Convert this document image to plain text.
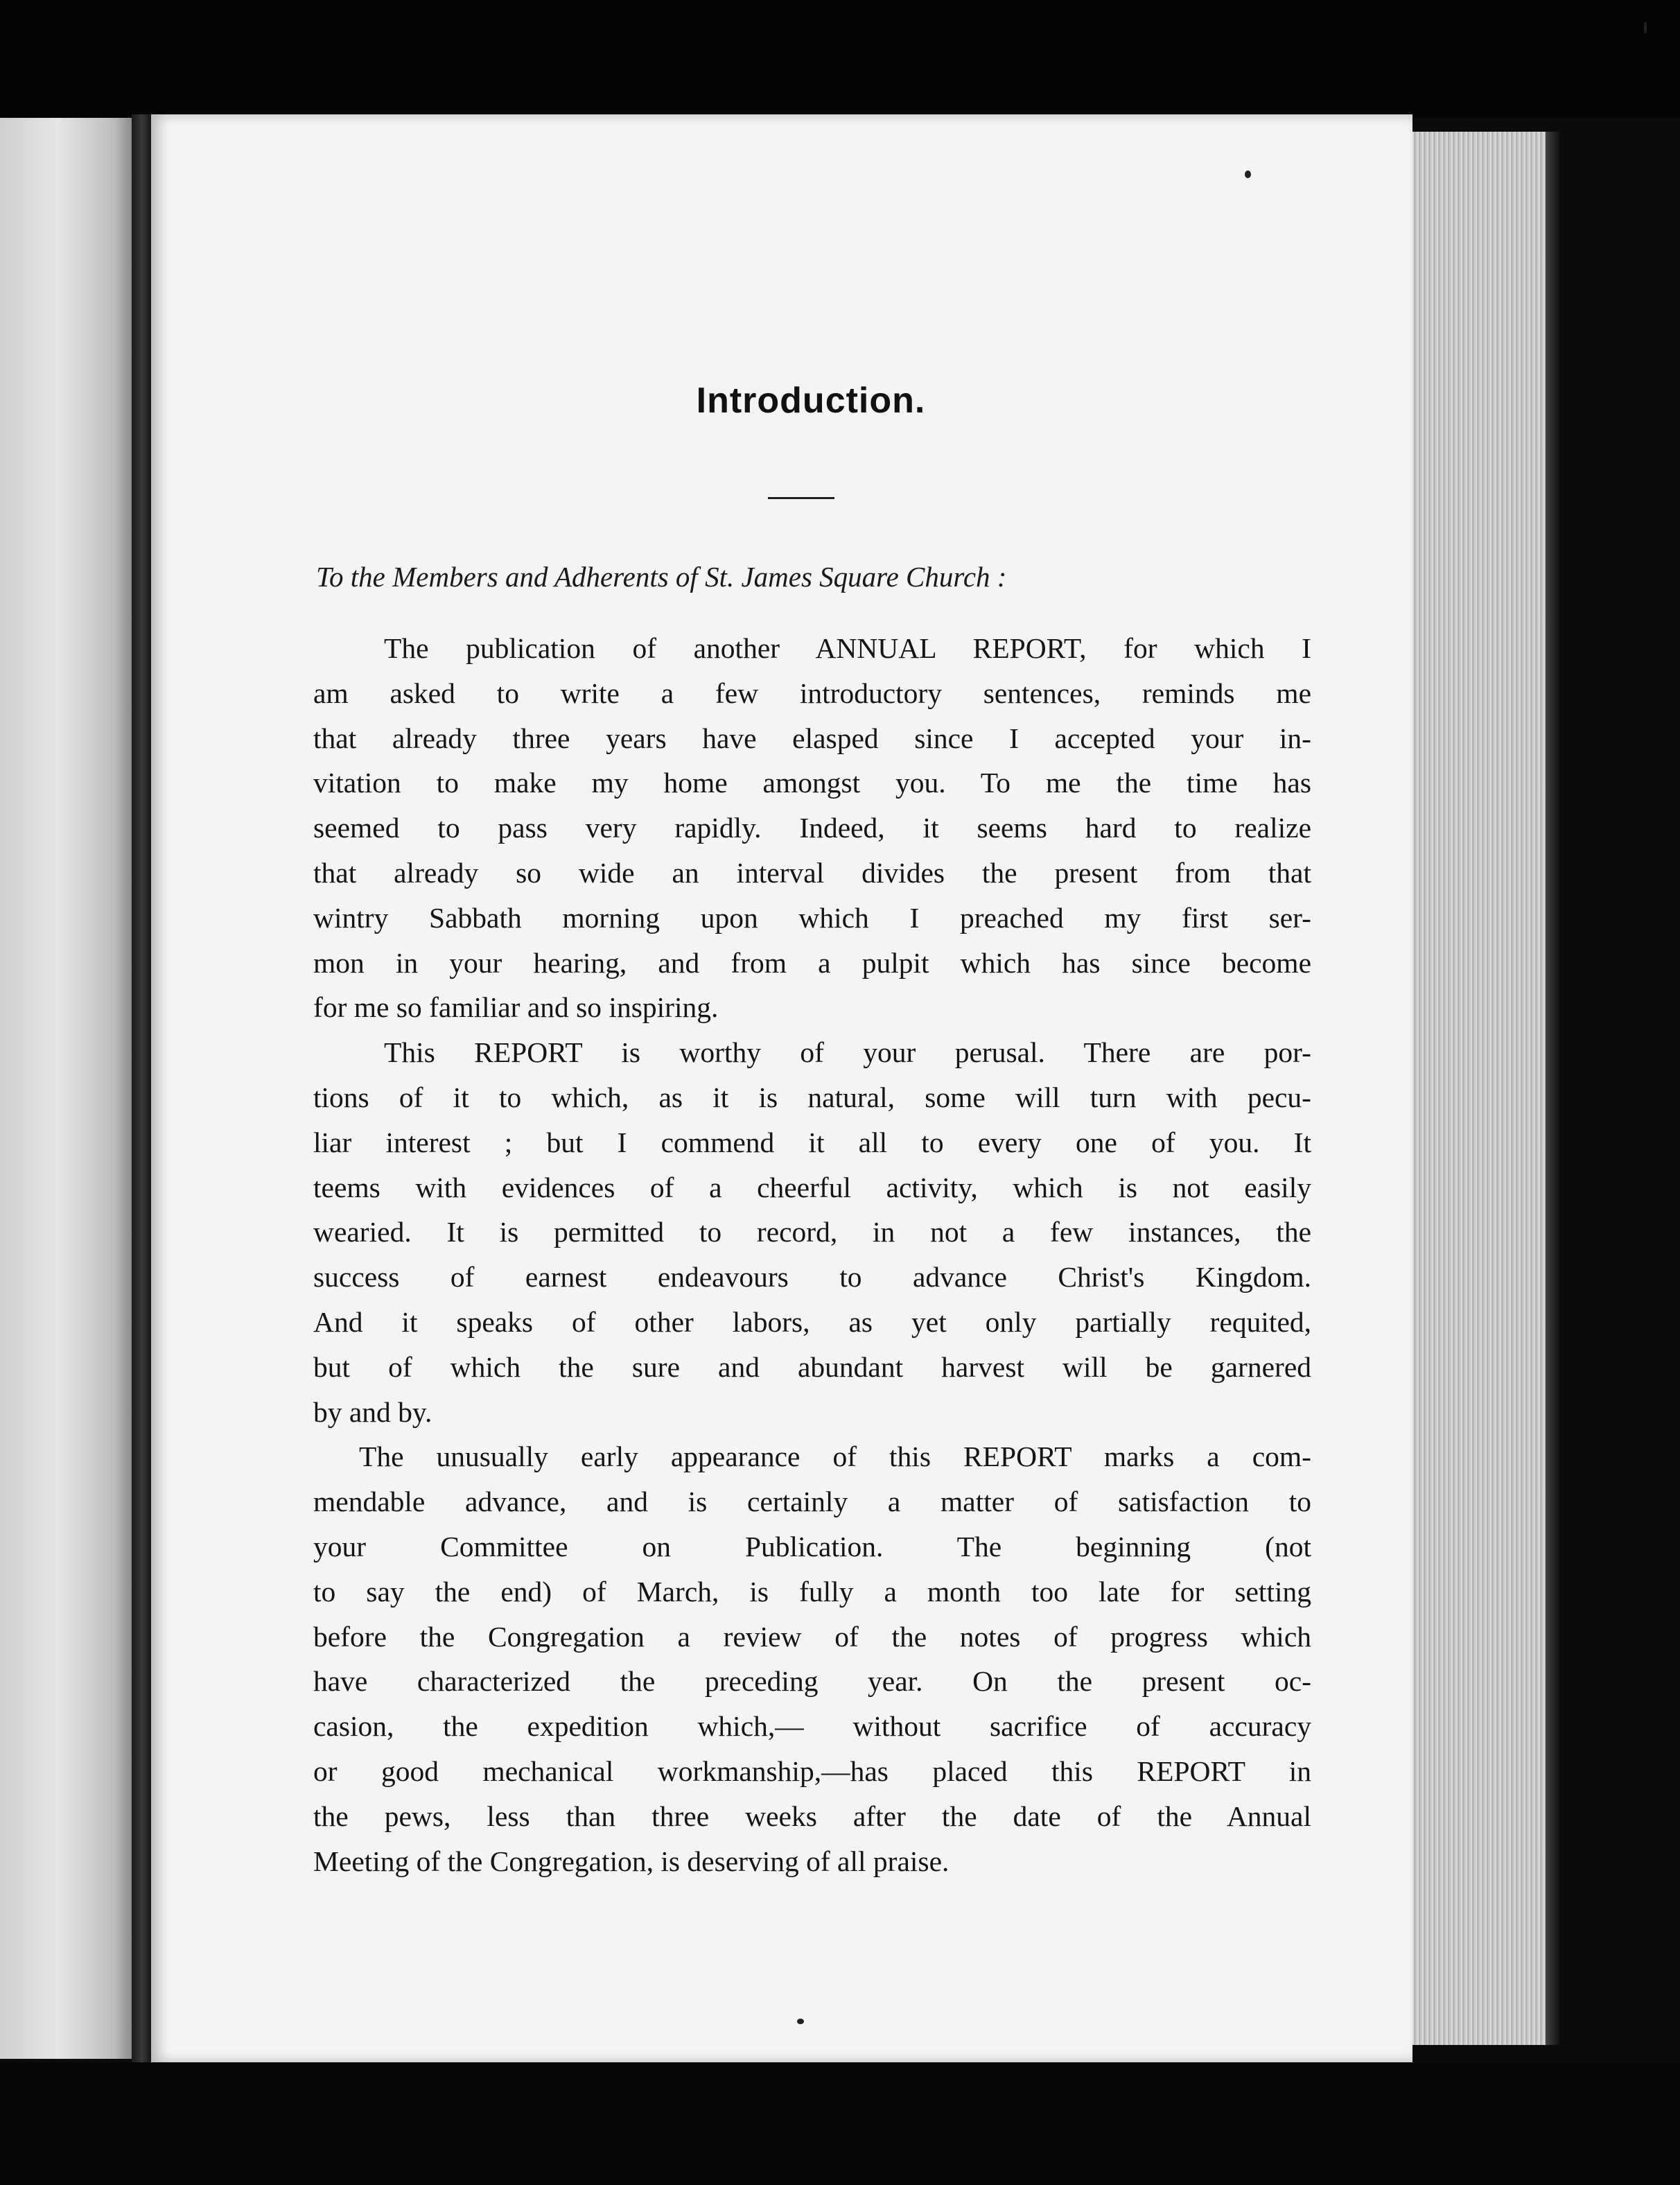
Introduction.

To the Members and Adherents of St. James Square Church :

The publication of another ANNUAL REPORT, for which I
am asked to write a few introductory sentences, reminds me
that already three years have elasped since I accepted your in-
vitation to make my home amongst you. To me the time has
seemed to pass very rapidly. Indeed, it seems hard to realize
that already so wide an interval divides the present from that
wintry Sabbath morning upon which I preached my first ser-
mon in your hearing, and from a pulpit which has since become
for me so familiar and so inspiring.

This REPORT is worthy of your perusal. There are por-
tions of it to which, as it is natural, some will turn with pecu-
liar interest ; but I commend it all to every one of you. It
teems with evidences of a cheerful activity, which is not easily
wearied. It is permitted to record, in not a few instances, the
success of earnest endeavours to advance Christ's Kingdom.
And it speaks of other labors, as yet only partially requited,
but of which the sure and abundant harvest will be garnered
by and by.

The unusually early appearance of this REPORT marks a com-
mendable advance, and is certainly a matter of satisfaction to
your Committee on Publication. The beginning (not
to say the end) of March, is fully a month too late for setting
before the Congregation a review of the notes of progress which
have characterized the preceding year. On the present oc-
casion, the expedition which,— without sacrifice of accuracy
or good mechanical workmanship,—has placed this REPORT in
the pews, less than three weeks after the date of the Annual
Meeting of the Congregation, is deserving of all praise.
